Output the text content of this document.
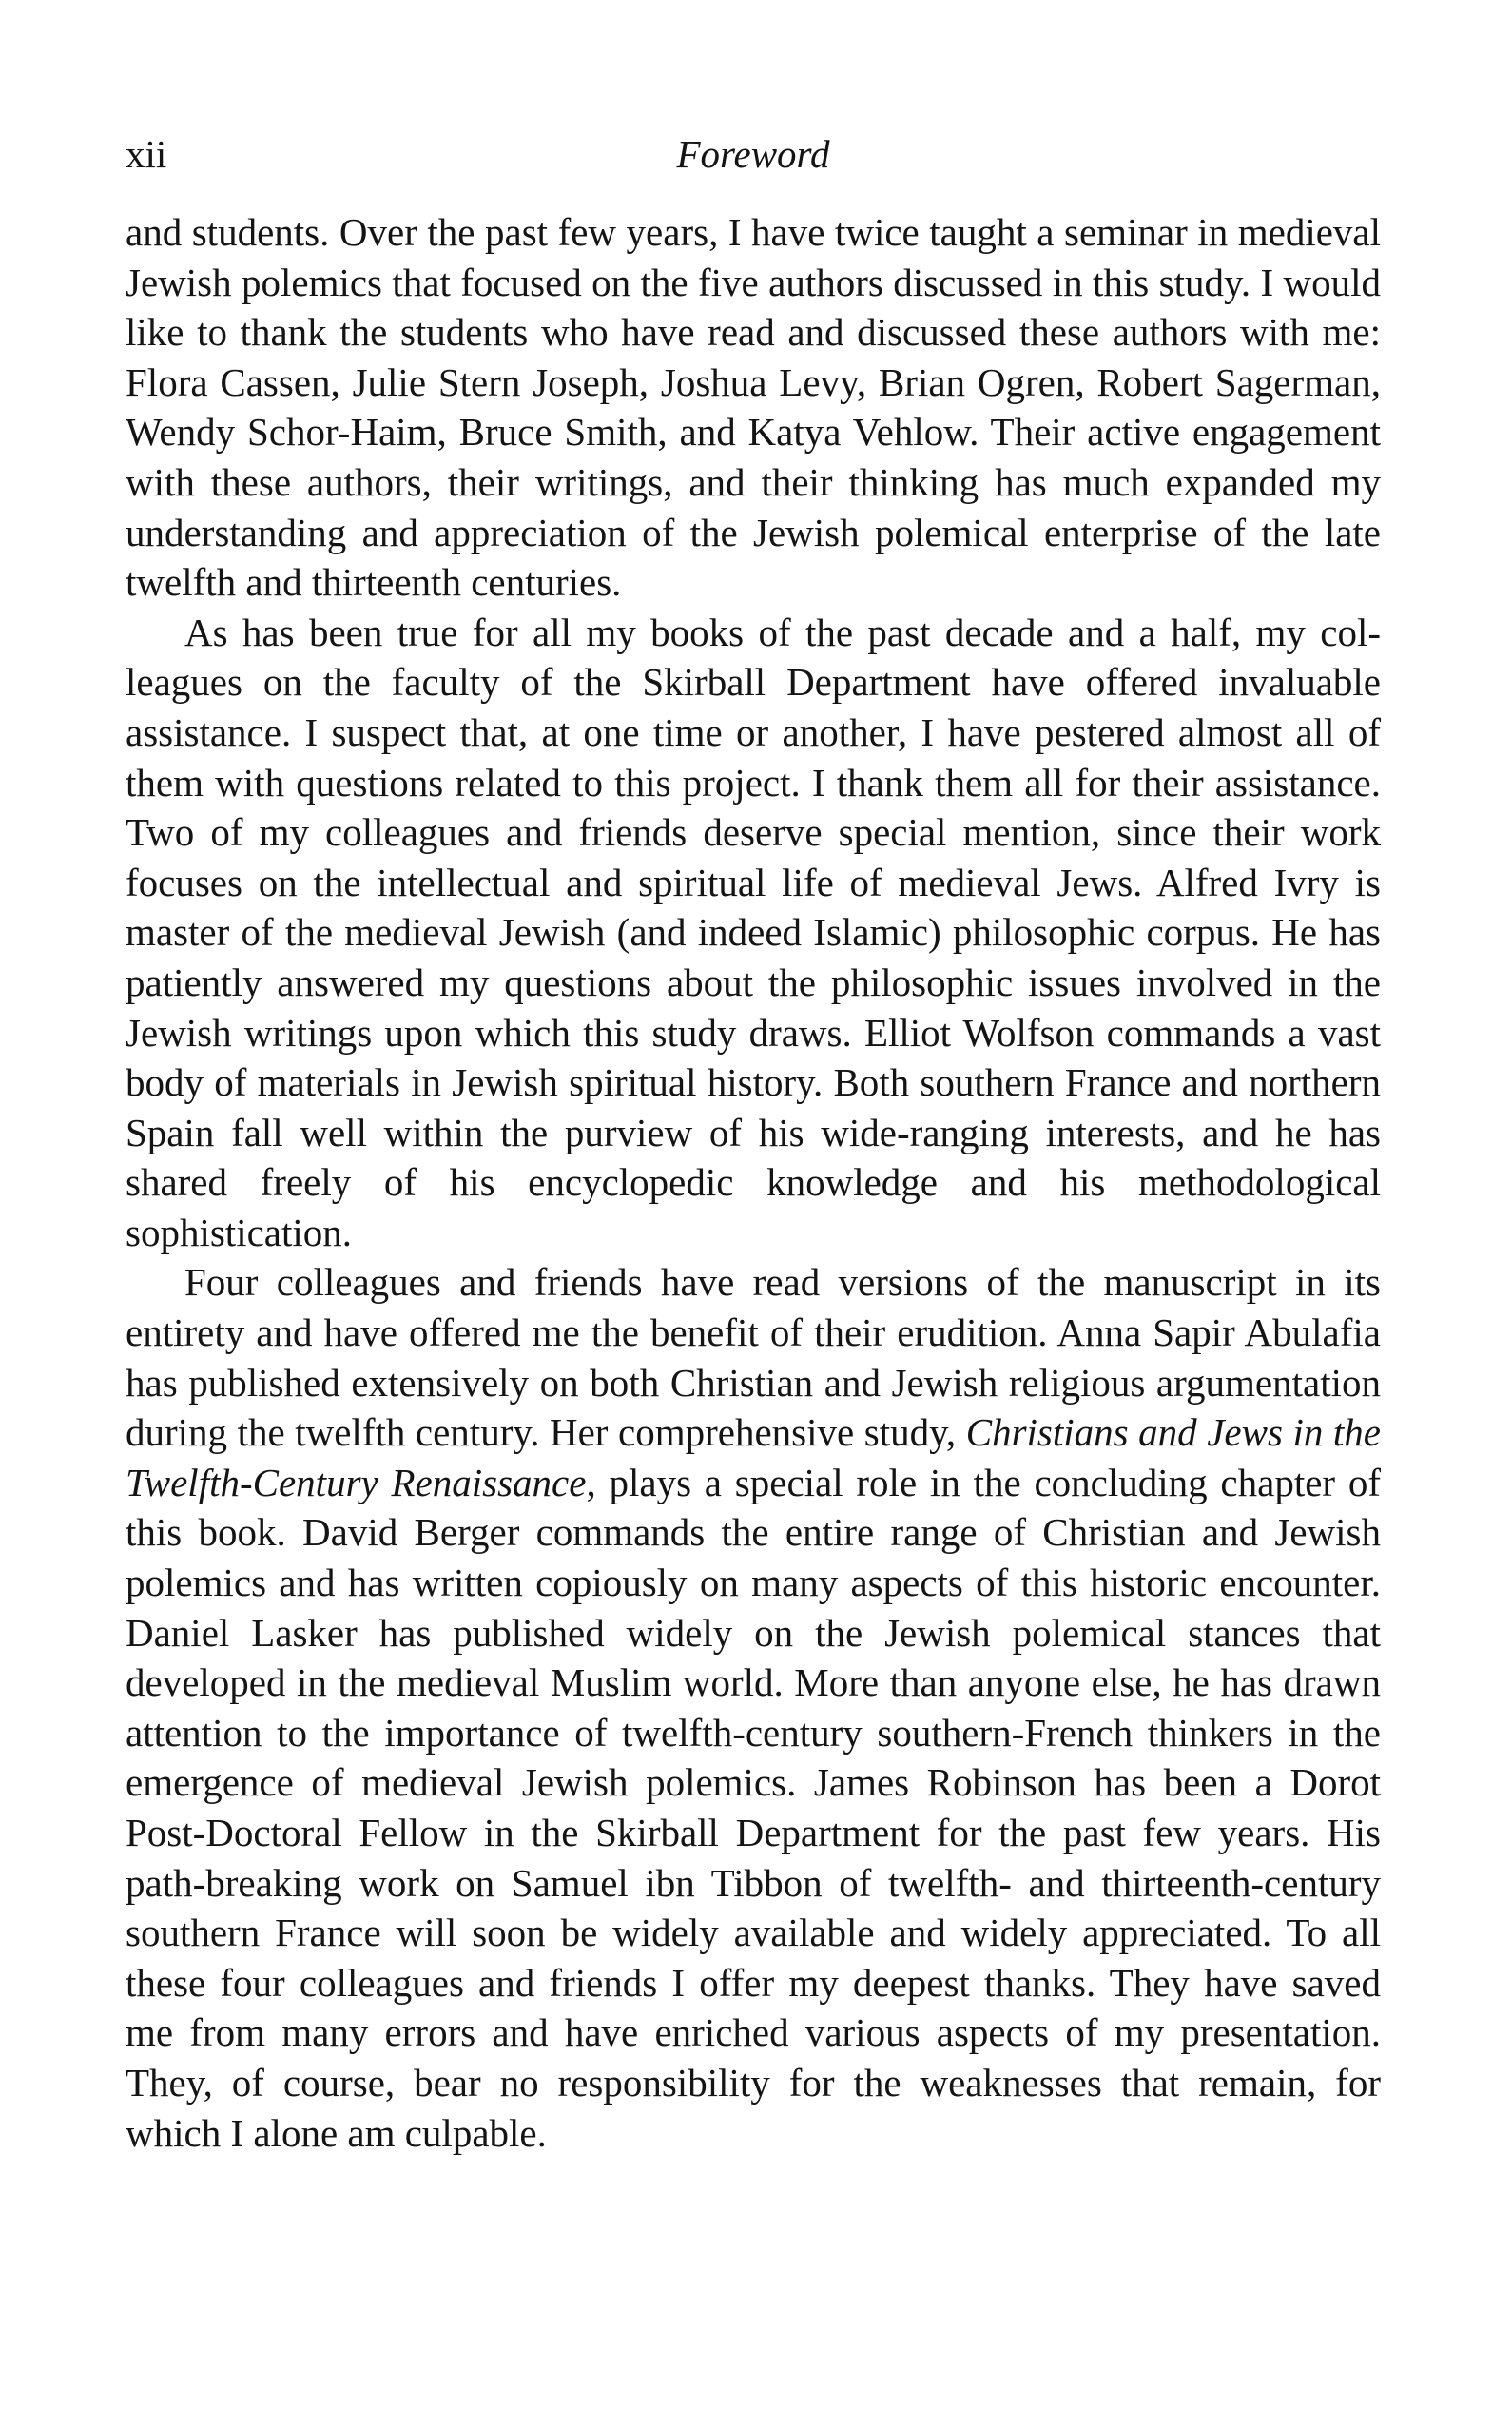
xii	Foreword

and students. Over the past few years, I have twice taught a seminar in medieval Jewish polemics that focused on the five authors discussed in this study. I would like to thank the students who have read and discussed these authors with me: Flora Cassen, Julie Stern Joseph, Joshua Levy, Brian Ogren, Robert Sagerman, Wendy Schor-Haim, Bruce Smith, and Katya Vehlow. Their active engagement with these authors, their writings, and their thinking has much expanded my understanding and appreciation of the Jewish polemical enterprise of the late twelfth and thirteenth centuries.

As has been true for all my books of the past decade and a half, my colleagues on the faculty of the Skirball Department have offered invaluable assistance. I suspect that, at one time or another, I have pestered almost all of them with questions related to this project. I thank them all for their assistance. Two of my colleagues and friends deserve special mention, since their work focuses on the intellectual and spiritual life of medieval Jews. Alfred Ivry is master of the medieval Jewish (and indeed Islamic) philosophic corpus. He has patiently answered my questions about the philosophic issues involved in the Jewish writings upon which this study draws. Elliot Wolfson commands a vast body of materials in Jewish spiritual history. Both southern France and northern Spain fall well within the purview of his wide-ranging interests, and he has shared freely of his encyclopedic knowledge and his methodological sophistication.

Four colleagues and friends have read versions of the manuscript in its entirety and have offered me the benefit of their erudition. Anna Sapir Abulafia has published extensively on both Christian and Jewish religious argumentation during the twelfth century. Her comprehensive study, Christians and Jews in the Twelfth-Century Renaissance, plays a special role in the concluding chapter of this book. David Berger commands the entire range of Christian and Jewish polemics and has written copiously on many aspects of this historic encounter. Daniel Lasker has published widely on the Jewish polemical stances that developed in the medieval Muslim world. More than anyone else, he has drawn attention to the importance of twelfth-century southern-French thinkers in the emergence of medieval Jewish polemics. James Robinson has been a Dorot Post-Doctoral Fellow in the Skirball Department for the past few years. His path-breaking work on Samuel ibn Tibbon of twelfth- and thirteenth-century southern France will soon be widely available and widely appreciated. To all these four colleagues and friends I offer my deepest thanks. They have saved me from many errors and have enriched various aspects of my presentation. They, of course, bear no responsibility for the weaknesses that remain, for which I alone am culpable.
